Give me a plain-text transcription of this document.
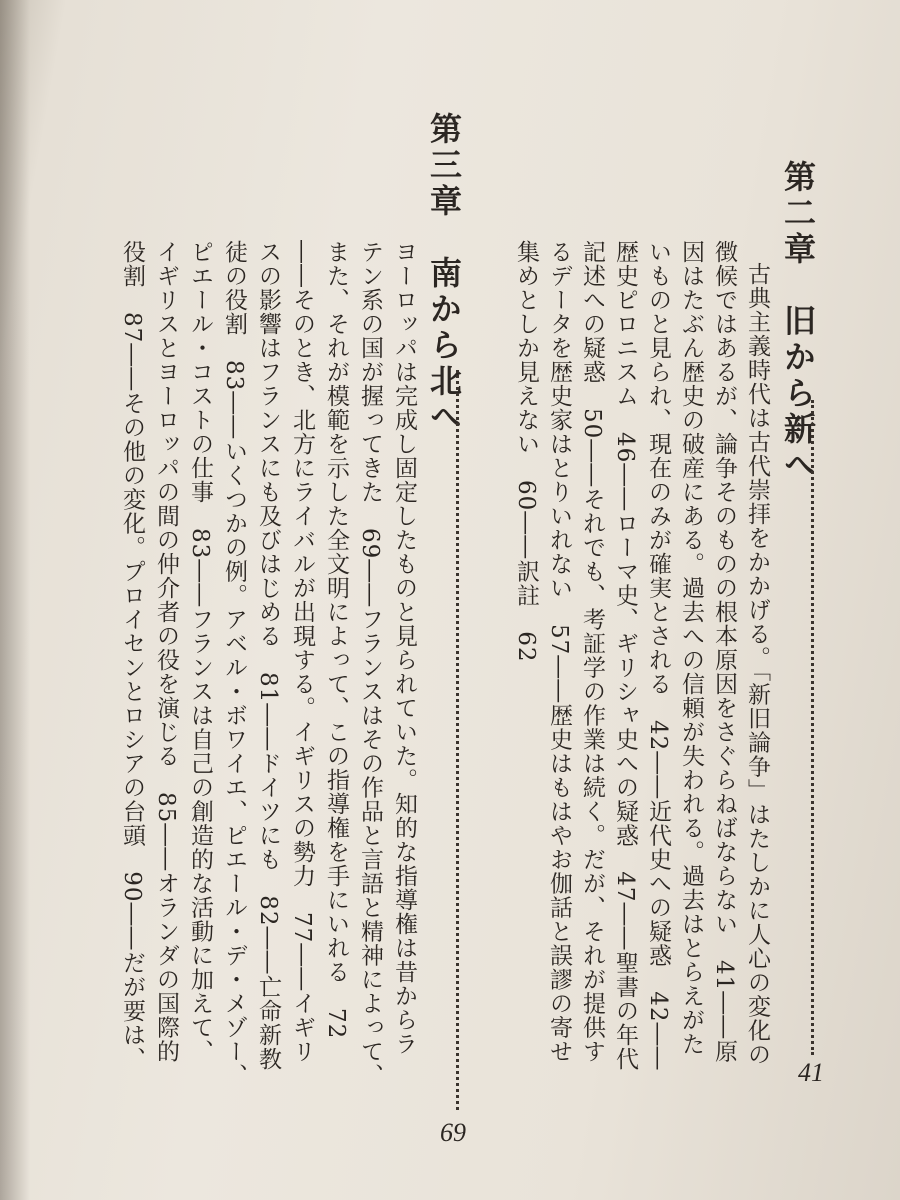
第二章　旧から新へ
41
古典主義時代は古代崇拝をかかげる。「新旧論争」はたしかに人心の変化の
徴候ではあるが、論争そのものの根本原因をさぐらねばならない　41――原
因はたぶん歴史の破産にある。過去への信頼が失われる。過去はとらえがた
いものと見られ、現在のみが確実とされる　42――近代史への疑惑　42――
歴史ピロニスム　46――ローマ史、ギリシャ史への疑惑　47――聖書の年代
記述への疑惑　50――それでも、考証学の作業は続く。だが、それが提供す
るデータを歴史家はとりいれない　57――歴史はもはやお伽話と誤謬の寄せ
集めとしか見えない　60――訳註　62
第三章　南から北へ
69
ヨーロッパは完成し固定したものと見られていた。知的な指導権は昔からラ
テン系の国が握ってきた　69――フランスはその作品と言語と精神によって、
また、それが模範を示した全文明によって、この指導権を手にいれる　72
――そのとき、北方にライバルが出現する。イギリスの勢力　77――イギリ
スの影響はフランスにも及びはじめる　81――ドイツにも　82――亡命新教
徒の役割　83――いくつかの例。アベル・ボワイエ、ピエール・デ・メゾー、
ピエール・コストの仕事　83――フランスは自己の創造的な活動に加えて、
イギリスとヨーロッパの間の仲介者の役を演じる　85――オランダの国際的
役割　87――その他の変化。プロイセンとロシアの台頭　90――だが要は、
